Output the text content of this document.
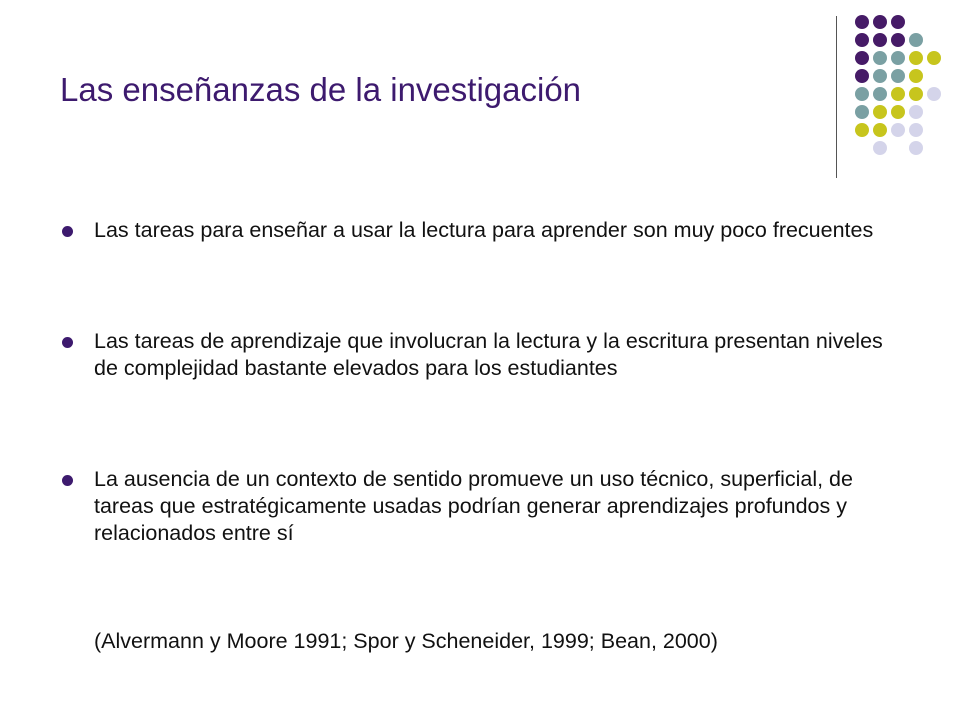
Las enseñanzas de la investigación
Las tareas para enseñar a usar la lectura para aprender son muy poco frecuentes
Las tareas de aprendizaje que involucran la lectura y la escritura presentan niveles de complejidad bastante elevados para los estudiantes
La ausencia de un contexto de sentido promueve un uso técnico, superficial, de tareas que estratégicamente usadas podrían generar aprendizajes profundos y relacionados entre sí
(Alvermann y Moore 1991; Spor y Scheneider, 1999; Bean, 2000)
